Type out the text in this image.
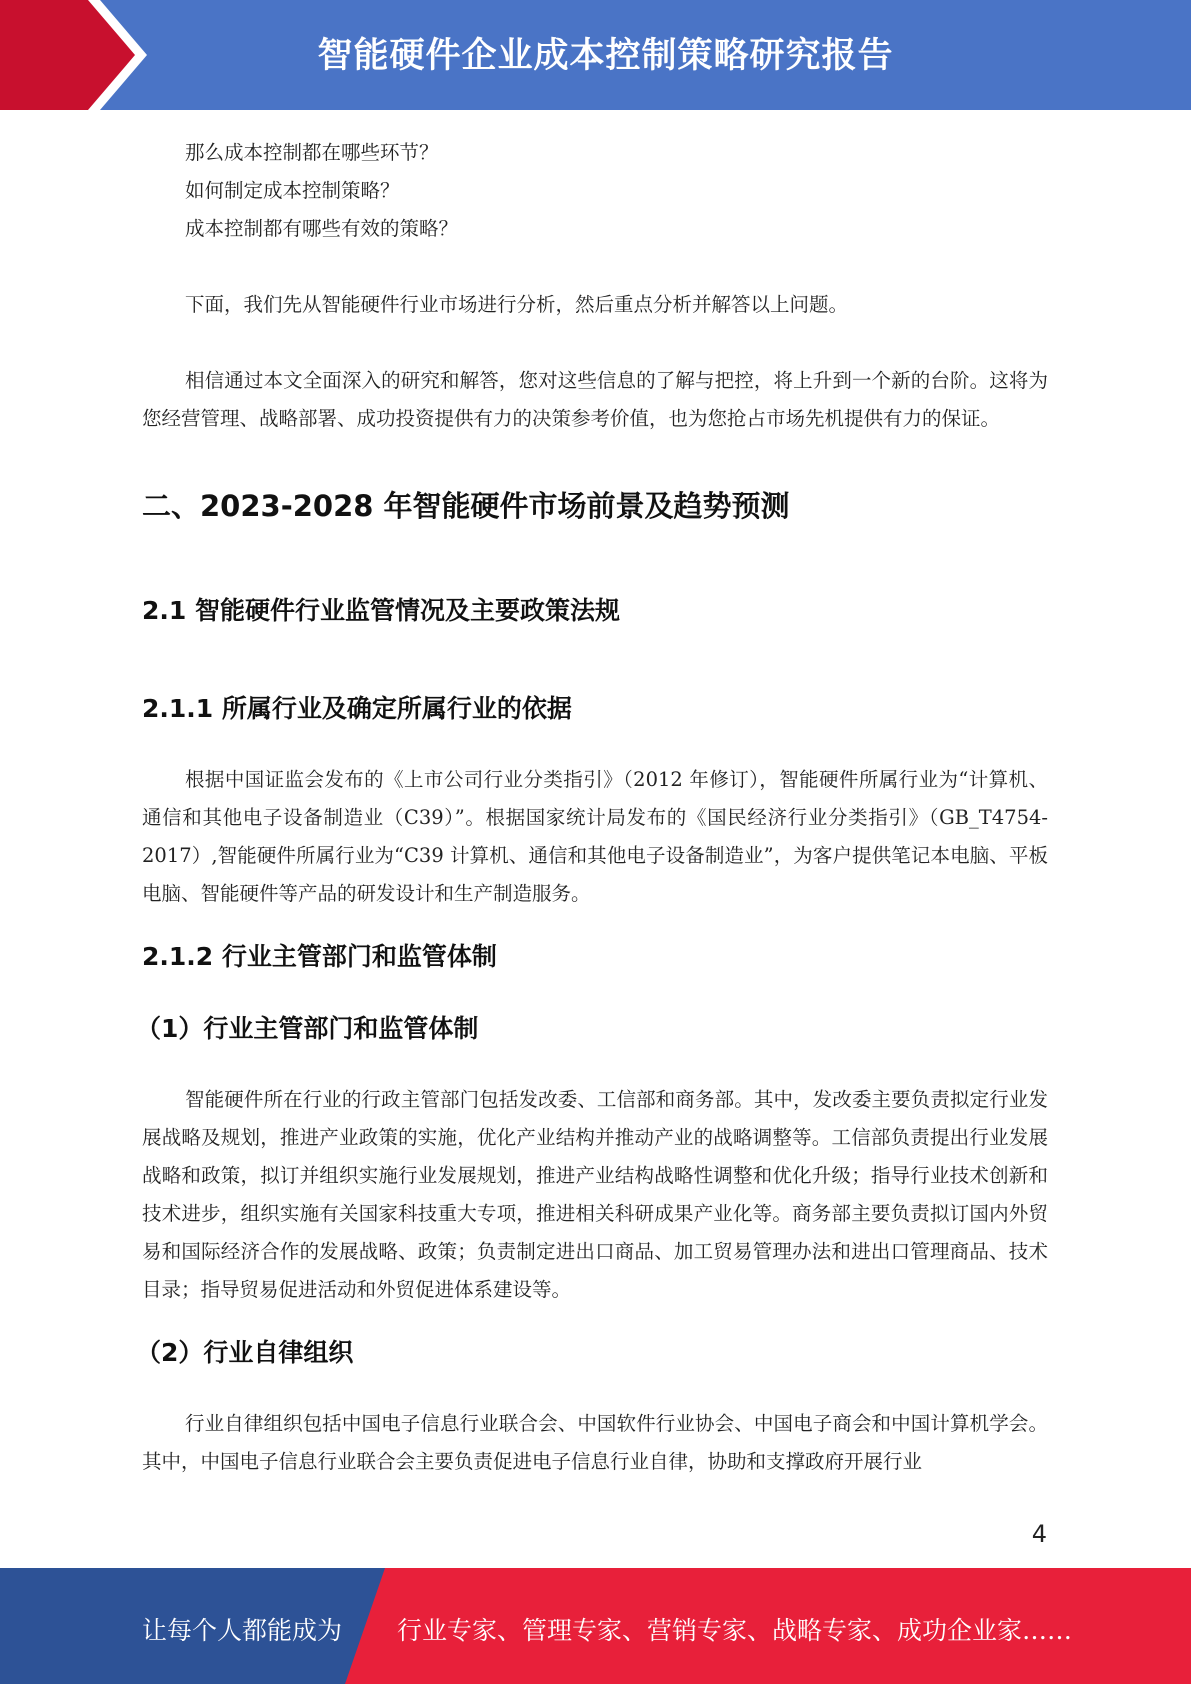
智能硬件企业成本控制策略研究报告

那么成本控制都在哪些环节？

如何制定成本控制策略？

成本控制都有哪些有效的策略？

下面，我们先从智能硬件行业市场进行分析，然后重点分析并解答以上问题。

相信通过本文全面深入的研究和解答，您对这些信息的了解与把控，将上升到一个新的台阶。这将为您经营管理、战略部署、成功投资提供有力的决策参考价值，也为您抢占市场先机提供有力的保证。

二、2023-2028 年智能硬件市场前景及趋势预测
2.1 智能硬件行业监管情况及主要政策法规
2.1.1 所属行业及确定所属行业的依据

根据中国证监会发布的《上市公司行业分类指引》（2012 年修订），智能硬件所属行业为“计算机、通信和其他电子设备制造业（C39）”。根据国家统计局发布的《国民经济行业分类指引》（GB_T4754-2017）,智能硬件所属行业为“C39 计算机、通信和其他电子设备制造业”，为客户提供笔记本电脑、平板电脑、智能硬件等产品的研发设计和生产制造服务。

2.1.2 行业主管部门和监管体制
（1）行业主管部门和监管体制

智能硬件所在行业的行政主管部门包括发改委、工信部和商务部。其中，发改委主要负责拟定行业发展战略及规划，推进产业政策的实施，优化产业结构并推动产业的战略调整等。工信部负责提出行业发展战略和政策，拟订并组织实施行业发展规划，推进产业结构战略性调整和优化升级；指导行业技术创新和技术进步，组织实施有关国家科技重大专项，推进相关科研成果产业化等。商务部主要负责拟订国内外贸易和国际经济合作的发展战略、政策；负责制定进出口商品、加工贸易管理办法和进出口管理商品、技术目录；指导贸易促进活动和外贸促进体系建设等。

（2）行业自律组织

行业自律组织包括中国电子信息行业联合会、中国软件行业协会、中国电子商会和中国计算机学会。其中，中国电子信息行业联合会主要负责促进电子信息行业自律，协助和支撑政府开展行业

4
让每个人都能成为 行业专家、管理专家、营销专家、战略专家、成功企业家……
